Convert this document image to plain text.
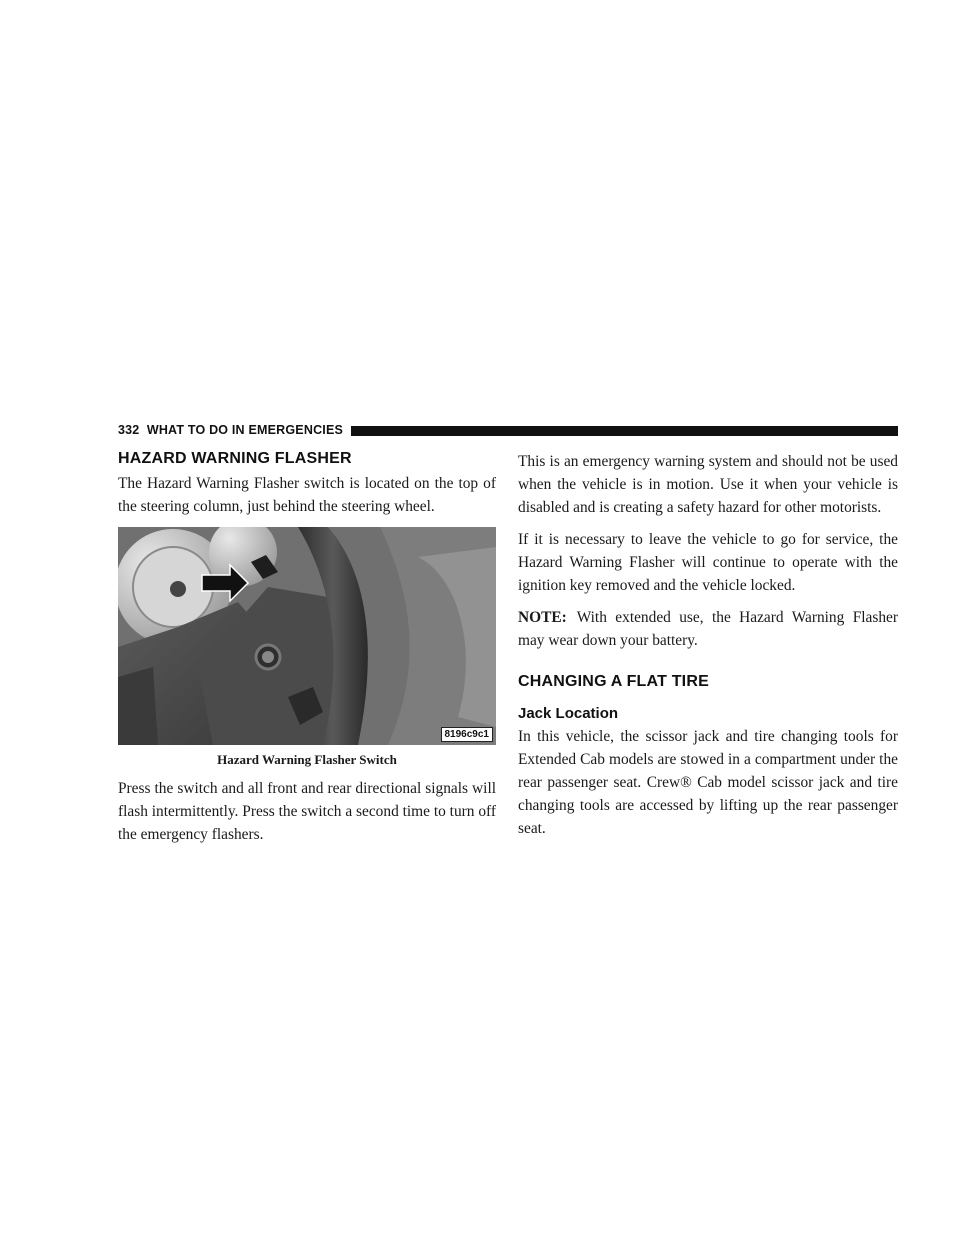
332 WHAT TO DO IN EMERGENCIES
HAZARD WARNING FLASHER

The Hazard Warning Flasher switch is located on the top of the steering column, just behind the steering wheel.

8196c9c1
Hazard Warning Flasher Switch

Press the switch and all front and rear directional signals will flash intermittently. Press the switch a second time to turn off the emergency flashers.

This is an emergency warning system and should not be used when the vehicle is in motion. Use it when your vehicle is disabled and is creating a safety hazard for other motorists.

If it is necessary to leave the vehicle to go for service, the Hazard Warning Flasher will continue to operate with the ignition key removed and the vehicle locked.

NOTE: With extended use, the Hazard Warning Flasher may wear down your battery.

CHANGING A FLAT TIRE
Jack Location

In this vehicle, the scissor jack and tire changing tools for Extended Cab models are stowed in a compartment under the rear passenger seat. Crew® Cab model scissor jack and tire changing tools are accessed by lifting up the rear passenger seat.
